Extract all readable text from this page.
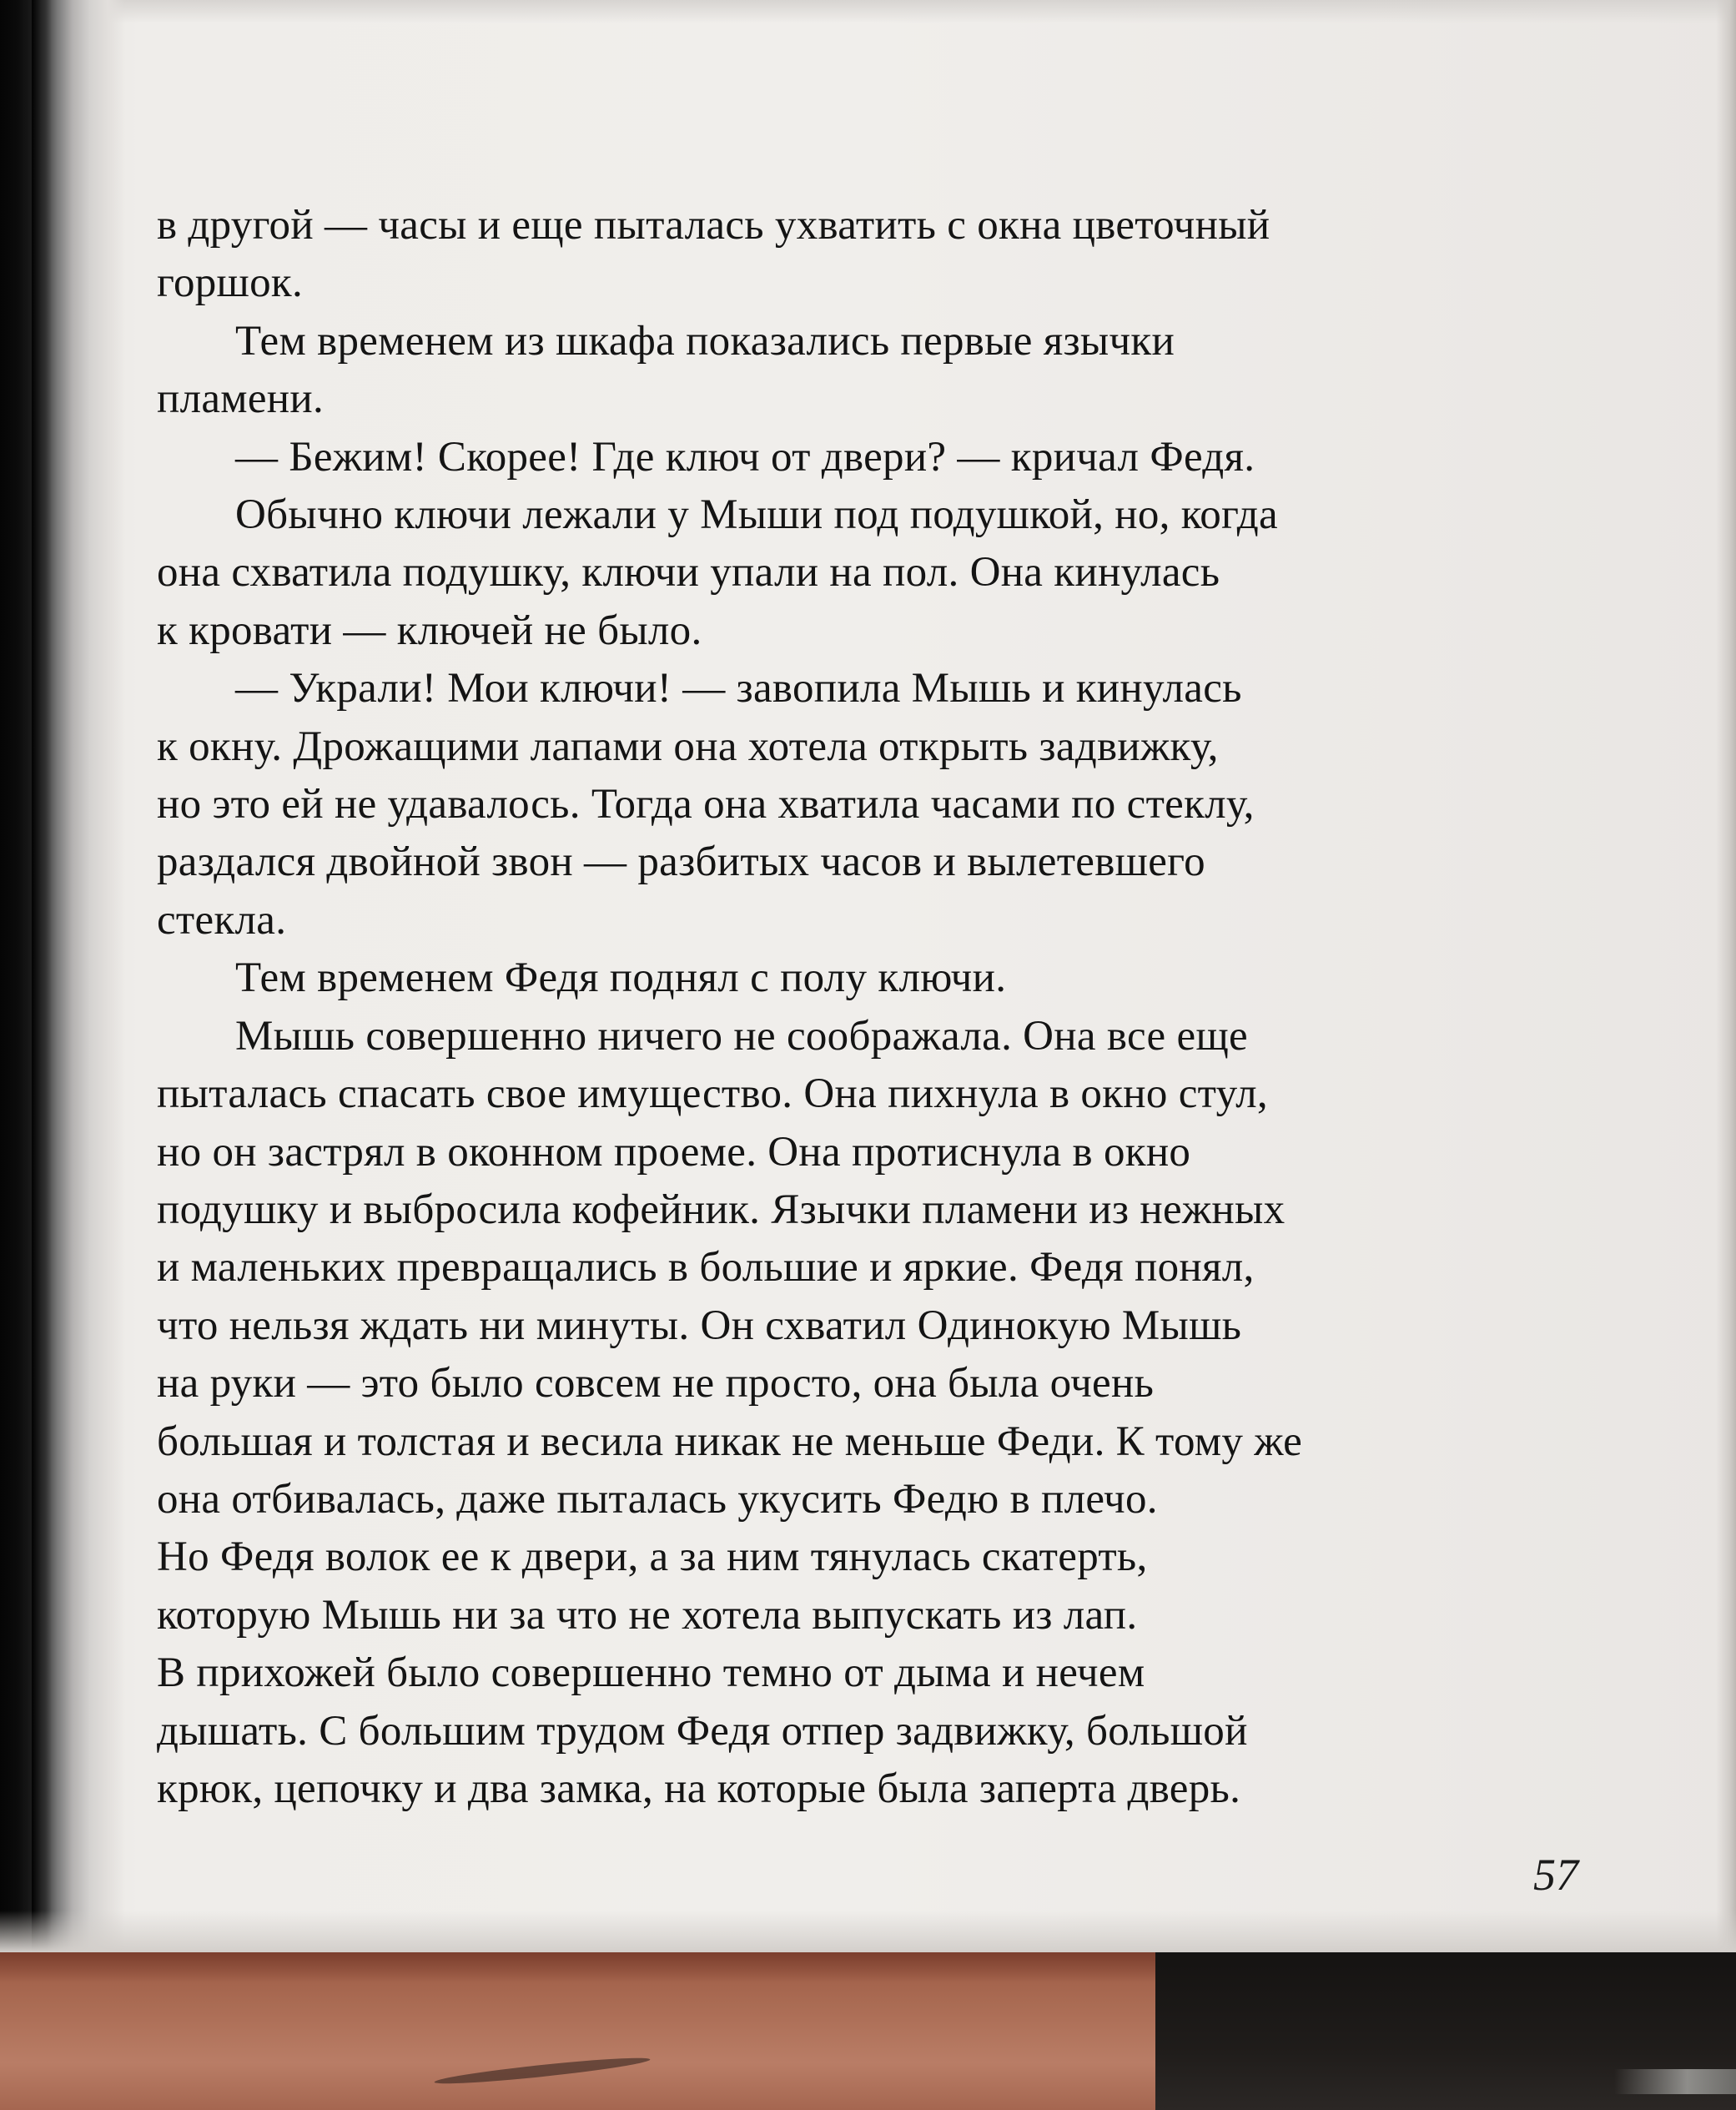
в другой — часы и еще пыталась ухватить с окна цветочный
горшок.
Тем временем из шкафа показались первые язычки
пламени.
— Бежим! Скорее! Где ключ от двери? — кричал Федя.
Обычно ключи лежали у Мыши под подушкой, но, когда
она схватила подушку, ключи упали на пол. Она кинулась
к кровати — ключей не было.
— Украли! Мои ключи! — завопила Мышь и кинулась
к окну. Дрожащими лапами она хотела открыть задвижку,
но это ей не удавалось. Тогда она хватила часами по стеклу,
раздался двойной звон — разбитых часов и вылетевшего
стекла.
Тем временем Федя поднял с полу ключи.
Мышь совершенно ничего не соображала. Она все еще
пыталась спасать свое имущество. Она пихнула в окно стул,
но он застрял в оконном проеме. Она протиснула в окно
подушку и выбросила кофейник. Язычки пламени из нежных
и маленьких превращались в большие и яркие. Федя понял,
что нельзя ждать ни минуты. Он схватил Одинокую Мышь
на руки — это было совсем не просто, она была очень
большая и толстая и весила никак не меньше Феди. К тому же
она отбивалась, даже пыталась укусить Федю в плечо.
Но Федя волок ее к двери, а за ним тянулась скатерть,
которую Мышь ни за что не хотела выпускать из лап.
В прихожей было совершенно темно от дыма и нечем
дышать. С большим трудом Федя отпер задвижку, большой
крюк, цепочку и два замка, на которые была заперта дверь.
57
